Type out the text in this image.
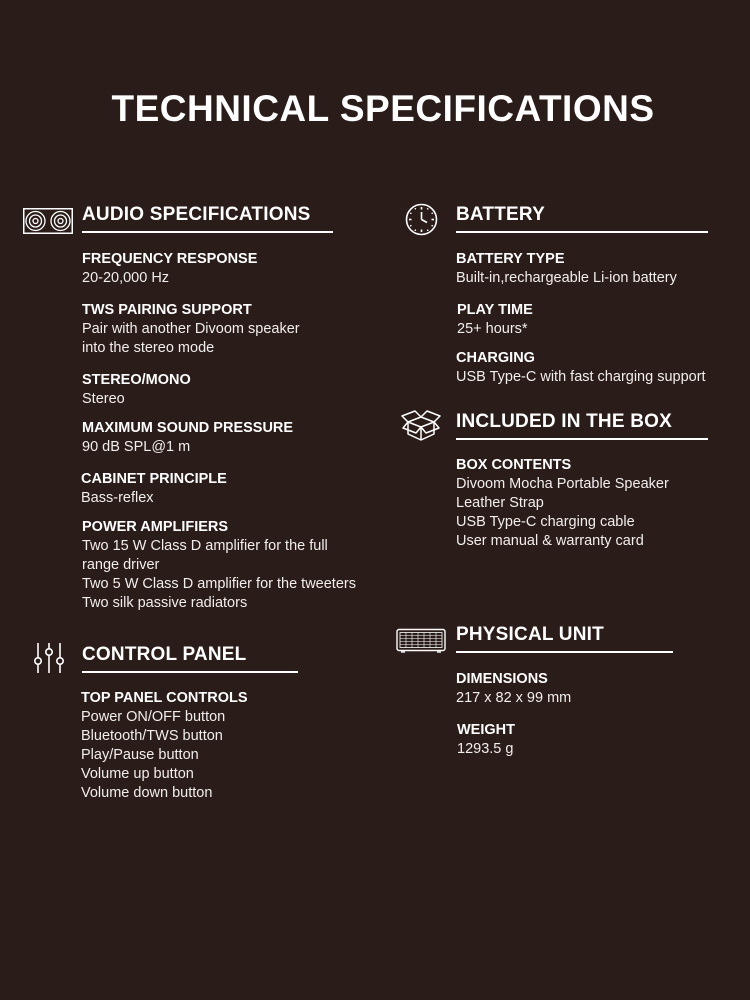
TECHNICAL SPECIFICATIONS
AUDIO SPECIFICATIONS
FREQUENCY RESPONSE
20-20,000 Hz
TWS PAIRING SUPPORT
Pair with another Divoom speaker
into the stereo mode
STEREO/MONO
Stereo
MAXIMUM SOUND PRESSURE
90 dB SPL@1 m
CABINET PRINCIPLE
Bass-reflex
POWER AMPLIFIERS
Two 15 W Class D amplifier for the full
range driver
Two 5 W Class D amplifier for the tweeters
Two silk passive radiators
CONTROL PANEL
TOP PANEL CONTROLS
Power ON/OFF button
Bluetooth/TWS button
Play/Pause button
Volume up button
Volume down button
BATTERY
BATTERY TYPE
Built-in,rechargeable Li-ion battery
PLAY TIME
25+ hours*
CHARGING
USB Type-C with fast charging support
INCLUDED IN THE BOX
BOX CONTENTS
Divoom Mocha Portable Speaker
Leather Strap
USB Type-C charging cable
User manual & warranty card
PHYSICAL UNIT
DIMENSIONS
217 x 82 x 99 mm
WEIGHT
1293.5 g
